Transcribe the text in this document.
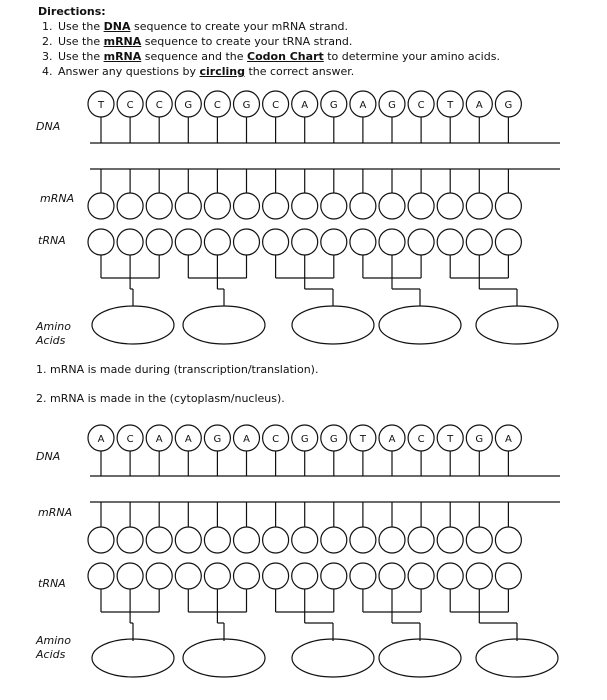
Directions:
1. Use the DNA sequence to create your mRNA strand.
2. Use the mRNA sequence to create your tRNA strand.
3. Use the mRNA sequence and the Codon Chart to determine your amino acids.
4. Answer any questions by circling the correct answer.
T C C G C G C A G A G C T A G
A C A A G A C G G T A C T G A
DNA
mRNA
tRNA
Amino
Acids
1. mRNA is made during (transcription/translation).
2. mRNA is made in the (cytoplasm/nucleus).
DNA
mRNA
tRNA
Amino
Acids
